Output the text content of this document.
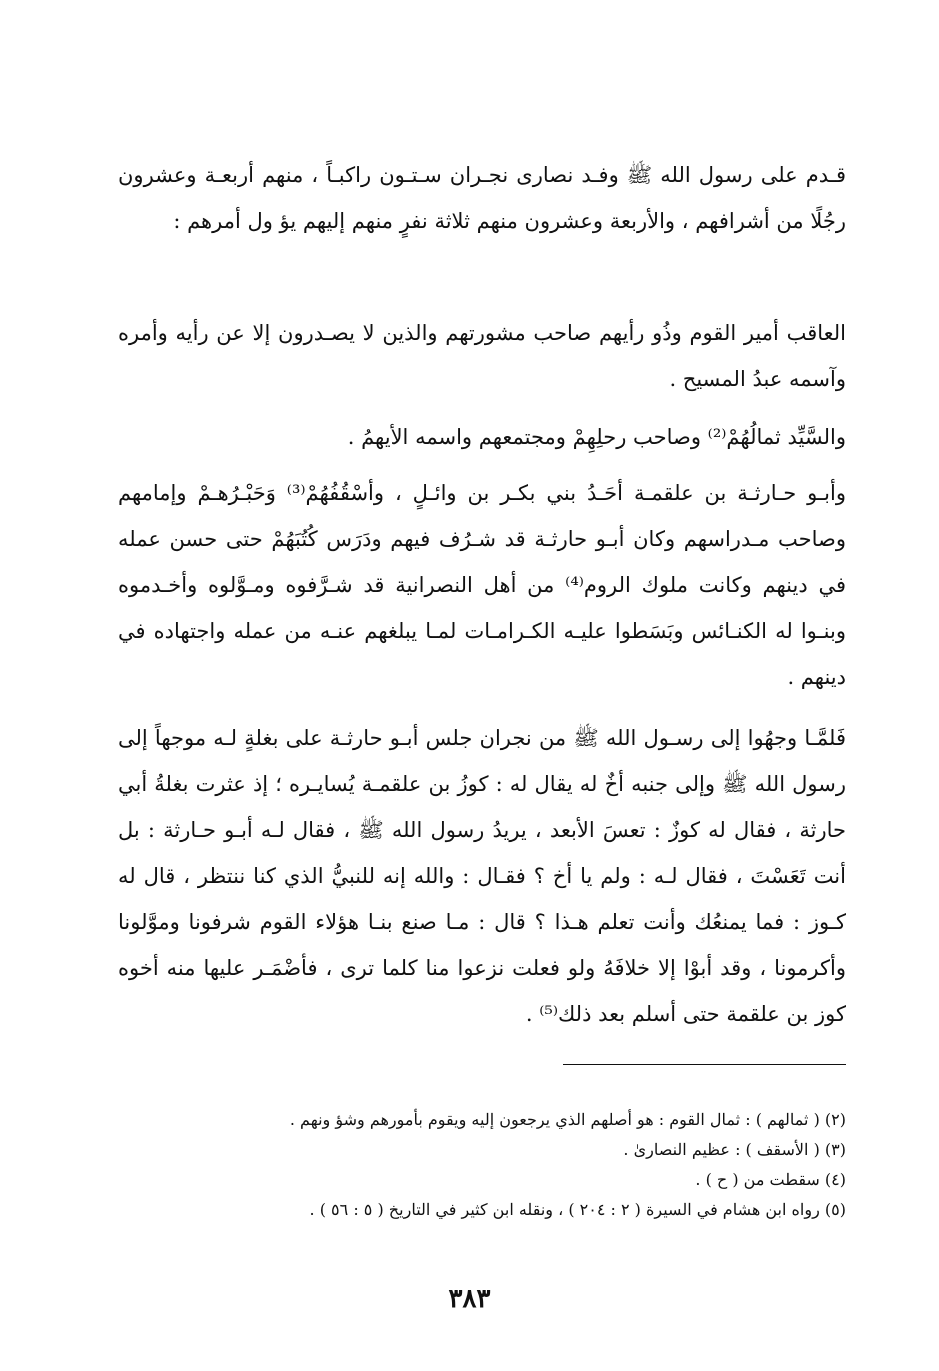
قـدم على رسول الله ﷺ وفـد نصارى نجـران سـتـون راكبـاً ، منهم أربعـة وعشرون رجُلًا من أشرافهم ، والأربعة وعشرون منهم ثلاثة نفرٍ منهم إليهم يؤ ول أمرهم :

العاقب أمير القوم وذُو رأيهم صاحب مشورتهم والذين لا يصـدرون إلا عن رأيه وأمره وآسمه عبدُ المسيح .

والسَّيِّد ثمالُهُمْ⁽²⁾ وصاحب رحلِهِمْ ومجتمعهم واسمه الأيهمُ .

وأبـو حـارثـة بن علقمـة أحَـدُ بني بكـر بن وائـلٍ ، وأسْقُفُهُمْ⁽³⁾ وَحَبْـرُهـمْ وإمامهم وصاحب مـدراسهم وكان أبـو حارثـة قد شـرُف فيهم ودَرَس كُتُبَهُمْ حتى حسن عمله في دينهم وكانت ملوك الروم⁽⁴⁾ من أهل النصرانية قد شـرَّفوه ومـوَّلوه وأخـدموه وبنـوا له الكنـائس وبَسَطوا عليـه الكـرامـات لمـا يبلغهم عنـه من عمله واجتهاده في دينهم .

فَلمَّـا وجهُوا إلى رسـول الله ﷺ من نجران جلس أبـو حارثـة على بغلةٍ لـه موجهاً إلى رسول الله ﷺ وإلى جنبه أخٌ له يقال له : كوزُ بن علقمـة يُسايـره ؛ إذ عثرت بغلةُ أبي حارثة ، فقال له كوزٌ : تعسَ الأبعد ، يريدُ رسول الله ﷺ ، فقال لـه أبـو حـارثة : بل أنت تَعَسْتَ ، فقال لـه : ولم يا أخ ؟ فقـال : والله إنه للنبيُّ الذي كنا ننتظر ، قال له كـوز : فما يمنعُك وأنت تعلم هـذا ؟ قال : مـا صنع بنـا هؤلاء القوم شرفونا وموَّلونا وأكرمونا ، وقد أبوْا إلا خلافَهُ ولو فعلت نزعوا منا كلما ترى ، فأضْمَـر عليها منه أخوه كوز بن علقمة حتى أسلم بعد ذلك⁽⁵⁾ .

(٢) ( ثمالهم ) : ثمال القوم : هو أصلهم الذي يرجعون إليه ويقوم بأمورهم وشؤ ونهم .
(٣) ( الأسقف ) : عظيم النصارىٰ .
(٤) سقطت من ( ح ) .
(٥) رواه ابن هشام في السيرة ( ٢ : ٢٠٤ ) ، ونقله ابن كثير في التاريخ ( ٥ : ٥٦ ) .
٣٨٣
